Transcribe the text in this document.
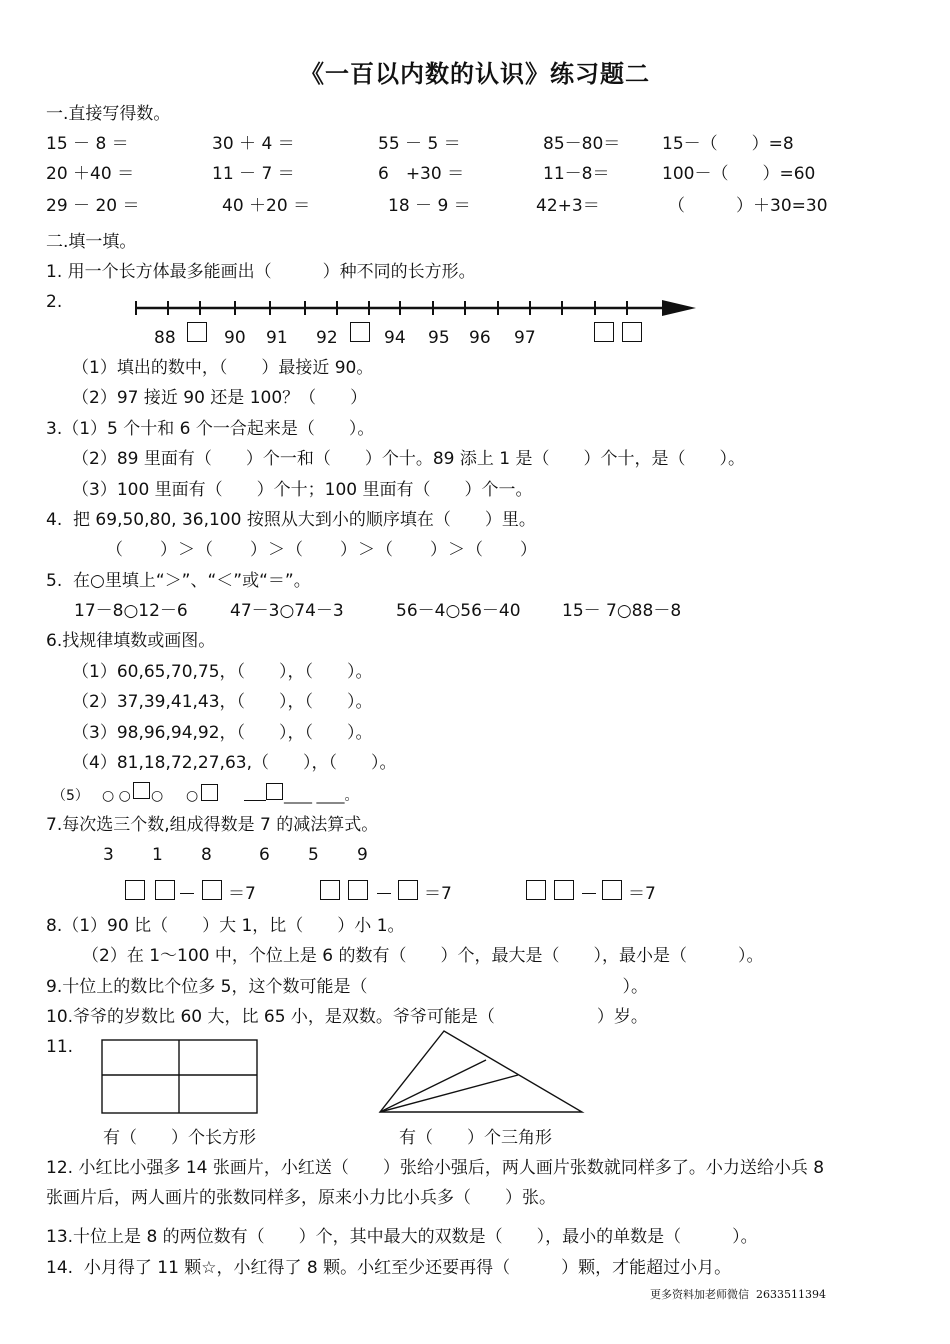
《一百以内数的认识》练习题二
一.直接写得数。
15 － 8 ＝	30 ＋ 4 ＝	55 － 5 ＝	85－80＝ 15－（　　）=8
20 ＋40 ＝	11 － 7 ＝	6　+30 ＝	11－8＝	100－（　　）=60
29 － 20 ＝	40 ＋20 ＝	18 － 9 ＝	42+3＝	（　　　）＋30=30
二.填一填。
1. 用一个长方体最多能画出（　　　）种不同的长方形。
2.
88	90 91 92	94 95 96 97
（1）填出的数中，（　　）最接近 90。
（2）97 接近 90 还是 100？（　　）
3.（1）5 个十和 6 个一合起来是（　　）。
（2）89 里面有（　　）个一和（　　）个十。89 添上 1 是（　　）个十，是（　　）。
（3）100 里面有（　　）个十；100 里面有（　　）个一。
4.  把 69,50,80, 36,100 按照从大到小的顺序填在（　　）里。
（　　）＞（　　）＞（　　）＞（　　）＞（　　）
5.  在○里填上“＞”、“＜”或“＝”。
17－8○12－6 47－3○74－3	56－4○56－40 15－ 7○88－8
6.找规律填数或画图。
（1）60,65,70,75，（　　），（　　）。
（2）37,39,41,43，（　　），（　　）。
（3）98,96,94,92，（　　），（　　）。
（4）81,18,72,27,63,（　　），（　　）。
（5） ○ ○ ○ ○	____ ____。
7.每次选三个数,组成得数是 7 的减法算式。
3 1 8	6 5 9
＝7	＝7	＝7
8.（1）90 比（　　）大 1，比（　　）小 1。
（2）在 1～100 中，个位上是 6 的数有（　　）个，最大是（　　），最小是（　　　）。
9.十位上的数比个位多 5，这个数可能是（　　　　　　　　　　　　　　　）。
10.爷爷的岁数比 60 大，比 65 小，是双数。爷爷可能是（　　　　　　）岁。
11.
有（　　）个长方形	有（　　）个三角形
12. 小红比小强多 14 张画片，小红送（　　）张给小强后，两人画片张数就同样多了。小力送给小兵 8
张画片后，两人画片的张数同样多，原来小力比小兵多（　　）张。
13.十位上是 8 的两位数有（　　）个，其中最大的双数是（　　），最小的单数是（　　　）。
14.  小月得了 11 颗☆，小红得了 8 颗。小红至少还要再得（　　　）颗，才能超过小月。
更多资料加老师微信  2633511394
